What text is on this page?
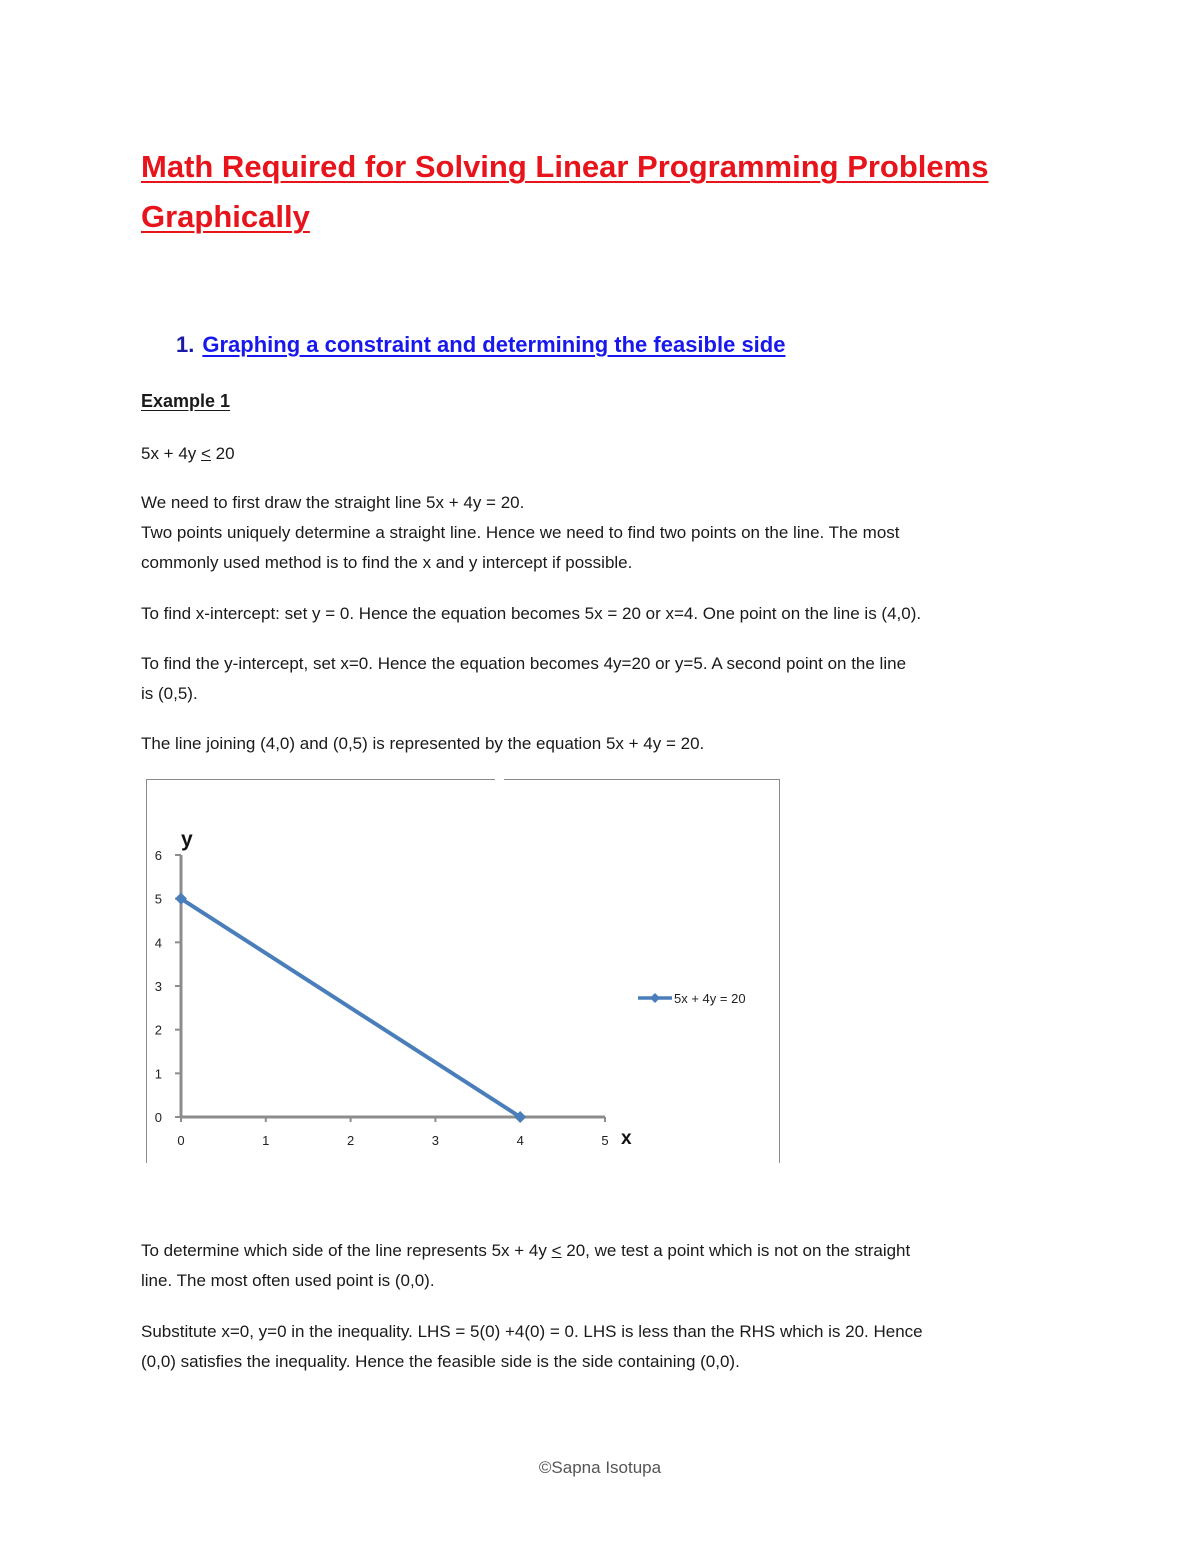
Math Required for Solving Linear Programming Problems
Graphically
1. Graphing a constraint and determining the feasible side

Example 1

5x + 4y < 20

We need to first draw the straight line 5x + 4y = 20.

Two points uniquely determine a straight line. Hence we need to find two points on the line. The most

commonly used method is to find the x and y intercept if possible.

To find x-intercept: set y = 0. Hence the equation becomes 5x = 20 or x=4. One point on the line is (4,0).

To find the y-intercept, set x=0. Hence the equation becomes 4y=20 or y=5. A second point on the line

is (0,5).

The line joining (4,0) and (0,5) is represented by the equation 5x + 4y = 20.

0	1	2	3	4	5
0
1
2
3
4
5
6
x
y
5x + 4y = 20

To determine which side of the line represents 5x + 4y < 20, we test a point which is not on the straight

line. The most often used point is (0,0).

Substitute x=0, y=0 in the inequality. LHS = 5(0) +4(0) = 0. LHS is less than the RHS which is 20. Hence

(0,0) satisfies the inequality. Hence the feasible side is the side containing (0,0).

©Sapna Isotupa
